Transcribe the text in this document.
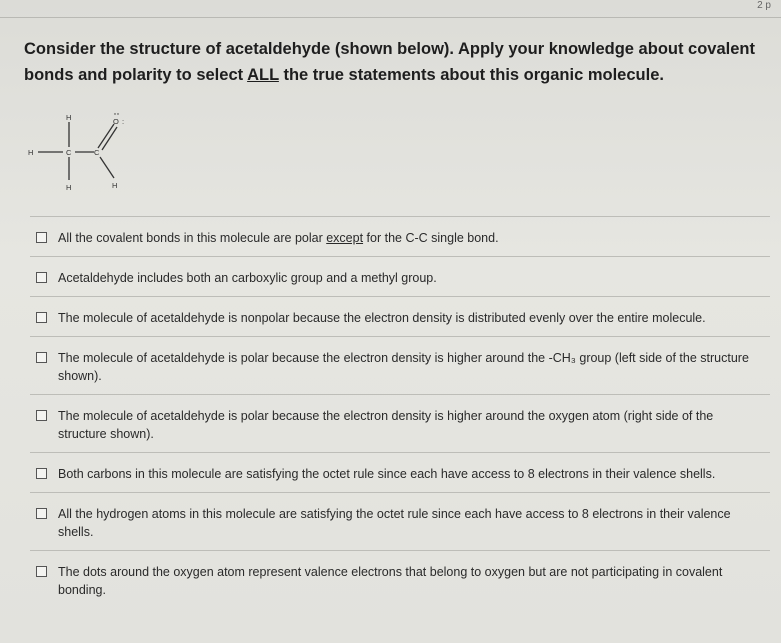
2 p
Consider the structure of acetaldehyde (shown below). Apply your knowledge about covalent bonds and polarity to select ALL the true statements about this organic molecule.
H
H	C	C
H	H
O :
All the covalent bonds in this molecule are polar except for the C-C single bond.
Acetaldehyde includes both an carboxylic group and a methyl group.
The molecule of acetaldehyde is nonpolar because the electron density is distributed evenly over the entire molecule.
The molecule of acetaldehyde is polar because the electron density is higher around the -CH₃ group (left side of the structure shown).
The molecule of acetaldehyde is polar because the electron density is higher around the oxygen atom (right side of the structure shown).
Both carbons in this molecule are satisfying the octet rule since each have access to 8 electrons in their valence shells.
All the hydrogen atoms in this molecule are satisfying the octet rule since each have access to 8 electrons in their valence shells.
The dots around the oxygen atom represent valence electrons that belong to oxygen but are not participating in covalent bonding.
